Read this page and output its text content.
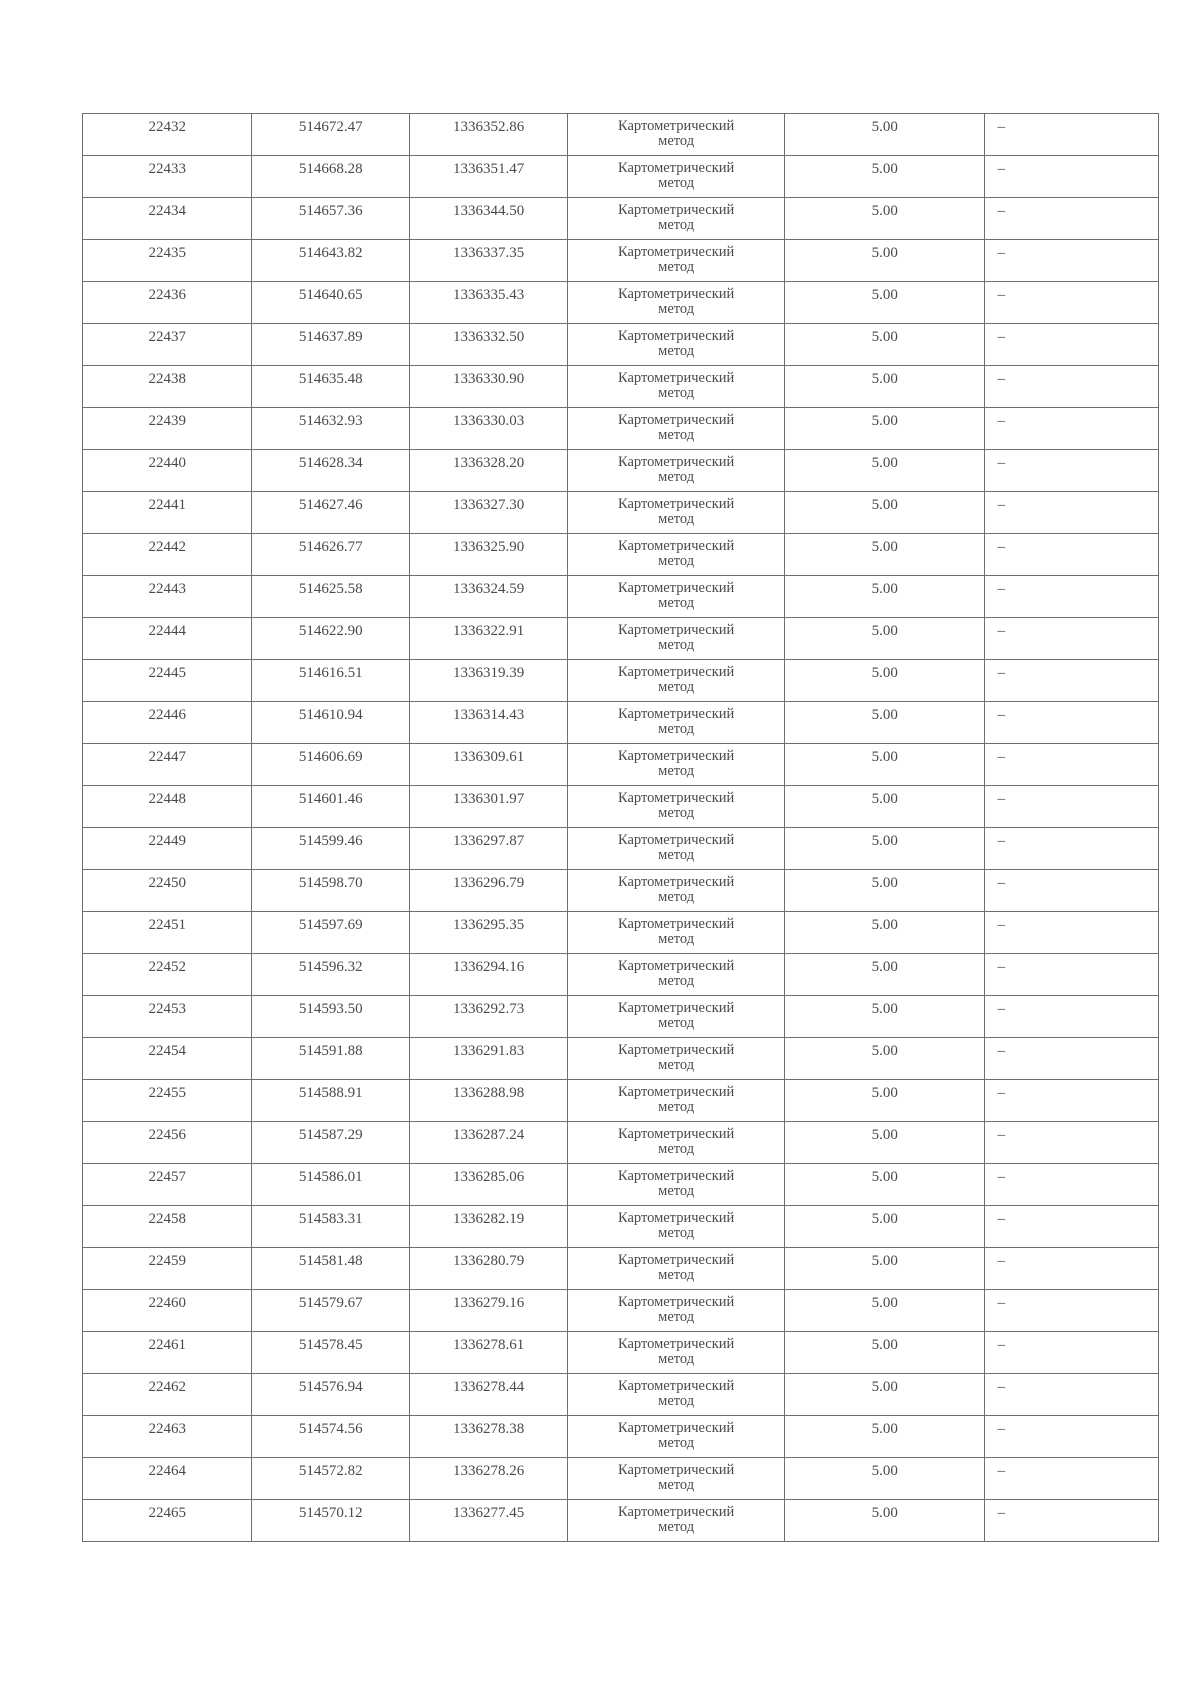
22432	514672.47	1336352.86	Картометрический
метод	5.00	–

22433	514668.28	1336351.47	Картометрический
метод	5.00	–

22434	514657.36	1336344.50	Картометрический
метод	5.00	–

22435	514643.82	1336337.35	Картометрический
метод	5.00	–

22436	514640.65	1336335.43	Картометрический
метод	5.00	–

22437	514637.89	1336332.50	Картометрический
метод	5.00	–

22438	514635.48	1336330.90	Картометрический
метод	5.00	–

22439	514632.93	1336330.03	Картометрический
метод	5.00	–

22440	514628.34	1336328.20	Картометрический
метод	5.00	–

22441	514627.46	1336327.30	Картометрический
метод	5.00	–

22442	514626.77	1336325.90	Картометрический
метод	5.00	–

22443	514625.58	1336324.59	Картометрический
метод	5.00	–

22444	514622.90	1336322.91	Картометрический
метод	5.00	–

22445	514616.51	1336319.39	Картометрический
метод	5.00	–

22446	514610.94	1336314.43	Картометрический
метод	5.00	–

22447	514606.69	1336309.61	Картометрический
метод	5.00	–

22448	514601.46	1336301.97	Картометрический
метод	5.00	–

22449	514599.46	1336297.87	Картометрический
метод	5.00	–

22450	514598.70	1336296.79	Картометрический
метод	5.00	–

22451	514597.69	1336295.35	Картометрический
метод	5.00	–

22452	514596.32	1336294.16	Картометрический
метод	5.00	–

22453	514593.50	1336292.73	Картометрический
метод	5.00	–

22454	514591.88	1336291.83	Картометрический
метод	5.00	–

22455	514588.91	1336288.98	Картометрический
метод	5.00	–

22456	514587.29	1336287.24	Картометрический
метод	5.00	–

22457	514586.01	1336285.06	Картометрический
метод	5.00	–

22458	514583.31	1336282.19	Картометрический
метод	5.00	–

22459	514581.48	1336280.79	Картометрический
метод	5.00	–

22460	514579.67	1336279.16	Картометрический
метод	5.00	–

22461	514578.45	1336278.61	Картометрический
метод	5.00	–

22462	514576.94	1336278.44	Картометрический
метод	5.00	–

22463	514574.56	1336278.38	Картометрический
метод	5.00	–

22464	514572.82	1336278.26	Картометрический
метод	5.00	–

22465	514570.12	1336277.45	Картометрический
метод	5.00	–
